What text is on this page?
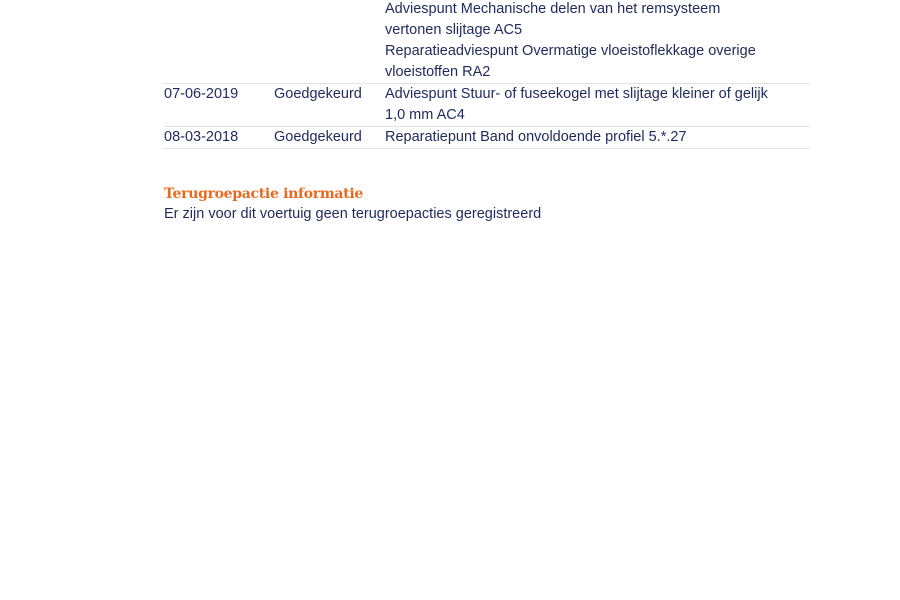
		Adviespunt Mechanische delen van het remsysteem vertonen slijtage AC5
Reparatieadviespunt Overmatige vloeistoflekkage overige vloeistoffen RA2

07-06-2019	Goedgekeurd	Adviespunt Stuur- of fuseekogel met slijtage kleiner of gelijk 1,0 mm AC4

08-03-2018	Goedgekeurd	Reparatiepunt Band onvoldoende profiel 5.*.27
Terugroepactie informatie
Er zijn voor dit voertuig geen terugroepacties geregistreerd
